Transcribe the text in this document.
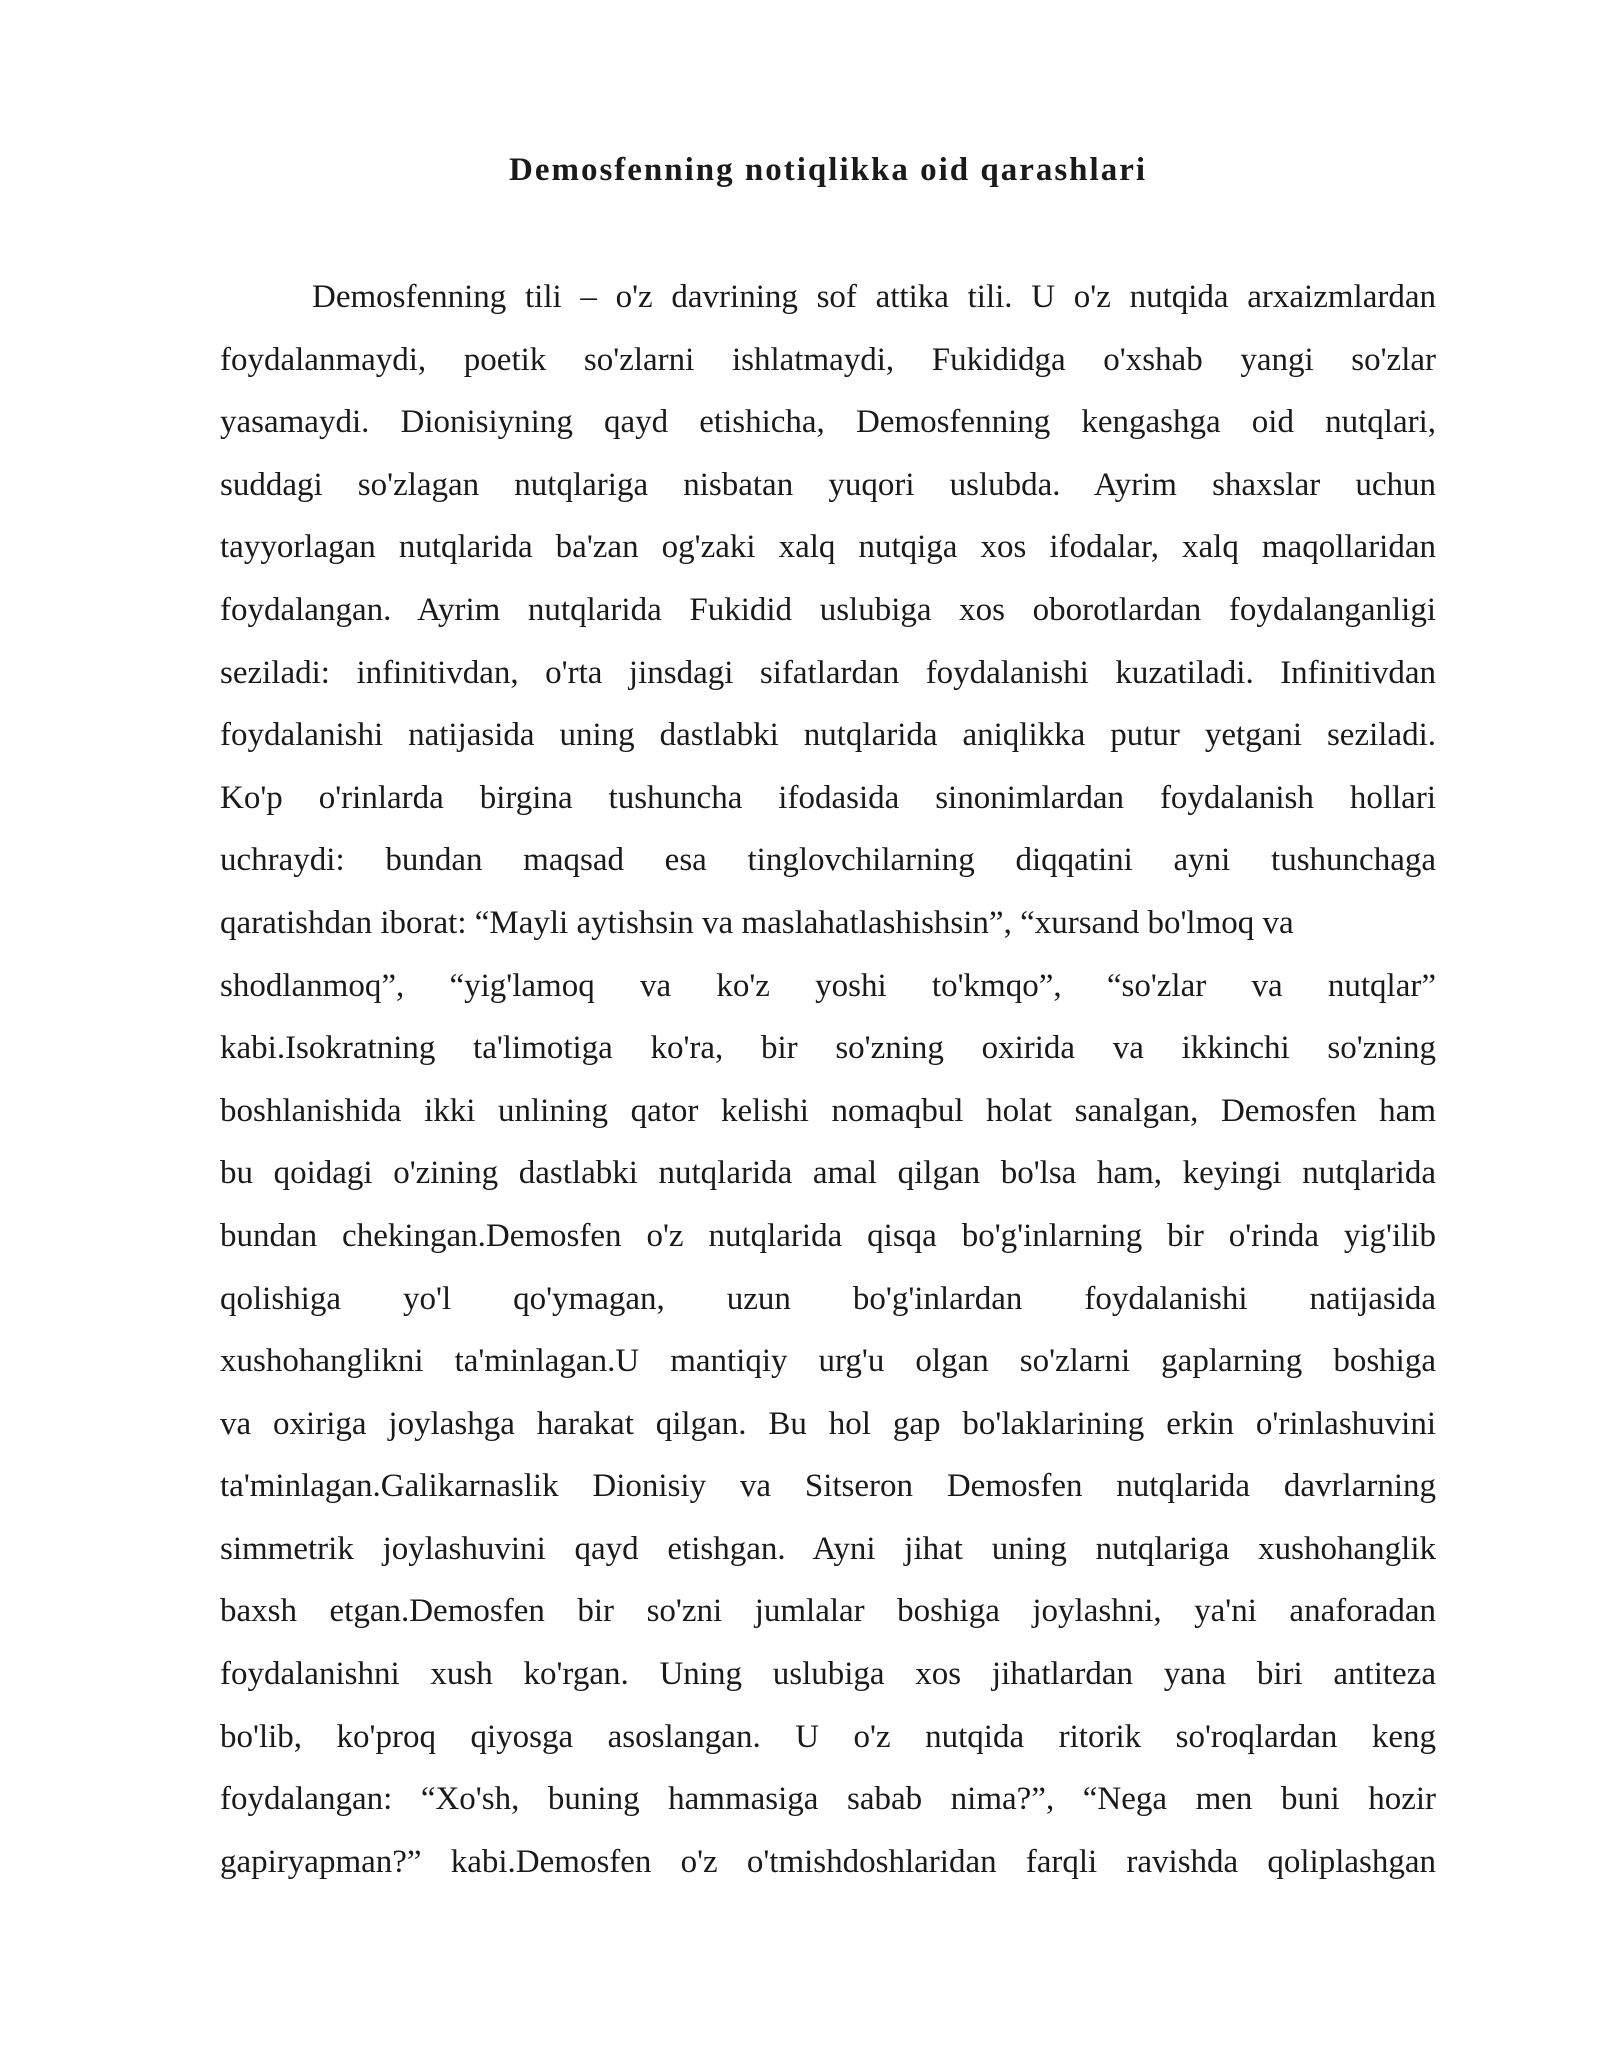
Demosfenning notiqlikka oid qarashlari
Demosfenning tili – o'z davrining sof attika tili. U o'z nutqida arxaizmlardan
foydalanmaydi, poetik so'zlarni ishlatmaydi, Fukididga o'xshab yangi so'zlar
yasamaydi. Dionisiyning qayd etishicha, Demosfenning kengashga oid nutqlari,
suddagi so'zlagan nutqlariga nisbatan yuqori uslubda. Ayrim shaxslar uchun
tayyorlagan nutqlarida ba'zan og'zaki xalq nutqiga xos ifodalar, xalq maqollaridan
foydalangan. Ayrim nutqlarida Fukidid uslubiga xos oborotlardan foydalanganligi
seziladi: infinitivdan, o'rta jinsdagi sifatlardan foydalanishi kuzatiladi. Infinitivdan
foydalanishi natijasida uning dastlabki nutqlarida aniqlikka putur yetgani seziladi.
Ko'p o'rinlarda birgina tushuncha ifodasida sinonimlardan foydalanish hollari
uchraydi: bundan maqsad esa tinglovchilarning diqqatini ayni tushunchaga
qaratishdan iborat: “Mayli aytishsin va maslahatlashishsin”, “xursand bo'lmoq va
shodlanmoq”, “yig'lamoq va ko'z yoshi to'kmqo”, “so'zlar va nutqlar”
kabi.Isokratning ta'limotiga ko'ra, bir so'zning oxirida va ikkinchi so'zning
boshlanishida ikki unlining qator kelishi nomaqbul holat sanalgan, Demosfen ham
bu qoidagi o'zining dastlabki nutqlarida amal qilgan bo'lsa ham, keyingi nutqlarida
bundan chekingan.Demosfen o'z nutqlarida qisqa bo'g'inlarning bir o'rinda yig'ilib
qolishiga yo'l qo'ymagan, uzun bo'g'inlardan foydalanishi natijasida
xushohanglikni ta'minlagan.U mantiqiy urg'u olgan so'zlarni gaplarning boshiga
va oxiriga joylashga harakat qilgan. Bu hol gap bo'laklarining erkin o'rinlashuvini
ta'minlagan.Galikarnaslik Dionisiy va Sitseron Demosfen nutqlarida davrlarning
simmetrik joylashuvini qayd etishgan. Ayni jihat uning nutqlariga xushohanglik
baxsh etgan.Demosfen bir so'zni jumlalar boshiga joylashni, ya'ni anaforadan
foydalanishni xush ko'rgan. Uning uslubiga xos jihatlardan yana biri antiteza
bo'lib, ko'proq qiyosga asoslangan. U o'z nutqida ritorik so'roqlardan keng
foydalangan: “Xo'sh, buning hammasiga sabab nima?”, “Nega men buni hozir
gapiryapman?” kabi.Demosfen o'z o'tmishdoshlaridan farqli ravishda qoliplashgan
